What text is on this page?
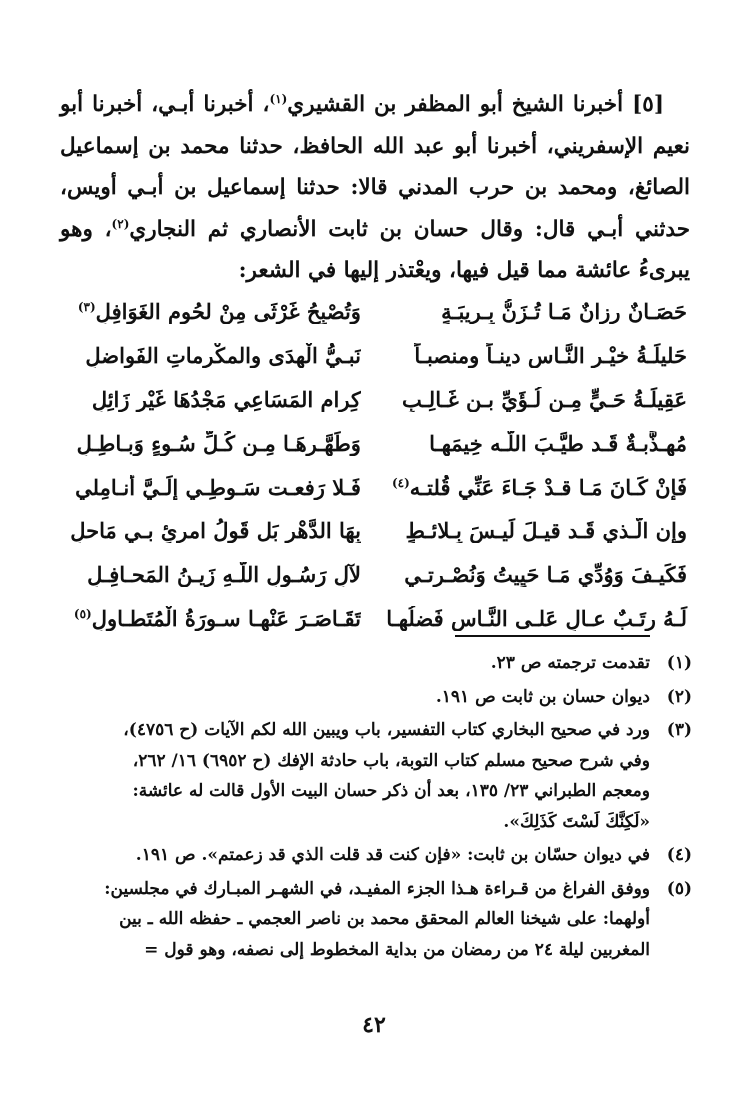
[٥] أخبرنا الشيخ أبو المظفر بن القشيري$^{(١)}$، أخبرنا أبـي، أخبرنا أبو نعيم الإسفريني، أخبرنا أبو عبد الله الحافظ، حدثنا محمد بن إسماعيل الصائغ، ومحمد بن حرب المدني قالا: حدثنا إسماعيل بن أبـي أويس، حدثني أبـي قال: وقال حسان بن ثابت الأنصاري ثم النجاري$^{(٢)}$، وهو يبرىءُ عائشة مما قيل فيها، ويعْتذر إليها في الشعر:

حَصَـانٌ رزانٌ مَـا تُـزَنُّ بِـرِيبَـةٍ
وَتُصْبِحُ غَرْثَى مِنْ لحُومِ الغَوَافِلِ$^{(٣)}$
حَليلَـةُ خيْـرِ النَّـاسِ دينـاً ومنصبـاً
نَبـيُّ الْهدَى والمكْرماتِ الفَواضلِ
عَقِيلَـةُ حَـيٍّ مِـن لُـؤَيِّ بـنِ غَـالِـبٍ
كِرام المَسَاعِي مَجْدُهَا غَيْر زَائِلِ
مُهـذَّبـةٌ قَـد طيَّـبَ اللَّـه خِيمَهـا
وَطَهَّـرهَـا مِـن كُـلِّ سُـوءٍ وَبـاطِـلِ
فَإنْ كَـانَ مَـا قـدْ جَـاءَ عَنِّي قُلتـه$^{(٤)}$
فَـلا رَفعـت سَـوطِـي إلَـيَّ أنـامِلي
وإن الَّـذي قَـد قيـلَ لَيـسَ بِـلائـطٍ
بِهَا الدَّهْر بَل قَولُ امرِئٍ بـي مَاحلِ
فَكَيـفَ وَوُدِّي مَـا حَيِيتُ وَنُصْـرتـي
لآلِ رَسُـولِ اللَّـهِ زَيـنُ المَحـافِـلِ
لَـهُ رتَـبٌ عـالٍ عَلـى النَّـاسِ فَضلُهـا
تَقَـاصَـرَ عَنْهـا سـورَةُ الْمُتَطـاوِلِ$^{(٥)}$
(١)
تقدمت ترجمته ص ٢٣.
(٢)
ديوان حسان بن ثابت ص ١٩١.
(٣)
ورد في صحيح البخاري كتاب التفسير، باب ويبين الله لكم الآيات (ح ٤٧٥٦)،
وفي شرح صحيح مسلم كتاب التوبة، باب حادثة الإفك (ح ٦٩٥٢) ١٦/ ٢٦٢،
ومعجم الطبراني ٢٣/ ١٣٥، بعد أن ذكر حسان البيت الأول قالت له عائشة:
«لَكِنَّكَ لَسْتَ كَذَلِكَ».
(٤)
في ديوان حسّان بن ثابت: «فإن كنت قد قلت الذي قد زعمتم». ص ١٩١.
(٥)
ووفق الفراغ من قـراءة هـذا الجزء المفيـد، في الشهـر المبـارك في مجلسين:
أولهما: على شيخنا العالم المحقق محمد بن ناصر العجمي ـ حفظه الله ـ بين
المغربين ليلة ٢٤ من رمضان من بداية المخطوط إلى نصفه، وهو قول =
٤٢
